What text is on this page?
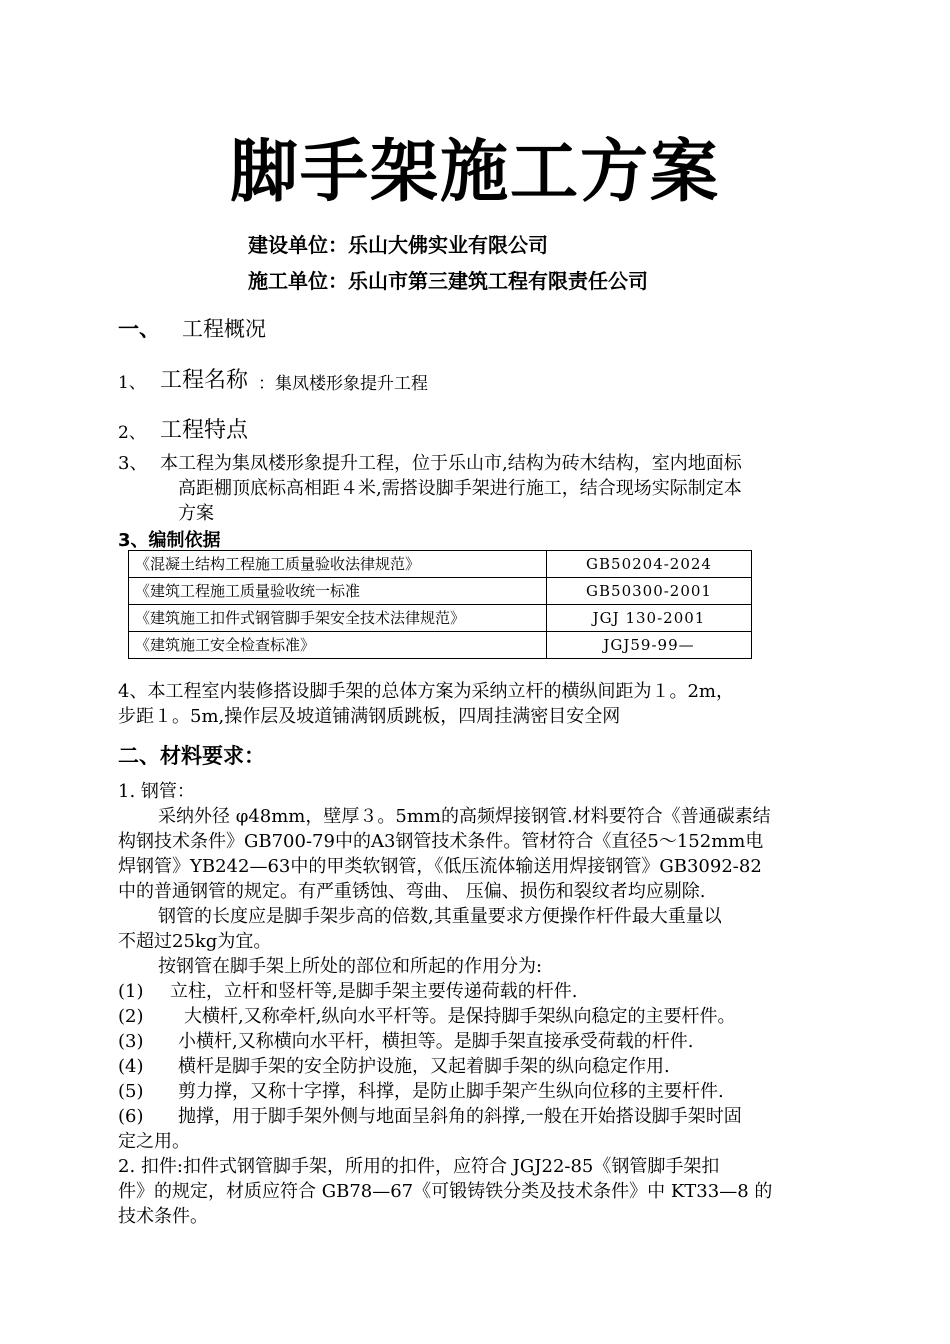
脚手架施工方案
建设单位：乐山大佛实业有限公司
施工单位：乐山市第三建筑工程有限责任公司
一、 工程概况
1、 工程名称 ：集凤楼形象提升工程
2、 工程特点
3、 本工程为集凤楼形象提升工程，位于乐山市,结构为砖木结构，室内地面标
高距棚顶底标高相距４米,需搭设脚手架进行施工，结合现场实际制定本
方案
3、编制依据
《混凝土结构工程施工质量验收法律规范》	GB50204-2024
《建筑工程施工质量验收统一标准	GB50300-2001
《建筑施工扣件式钢管脚手架安全技术法律规范》	JGJ 130-2001
《建筑施工安全检查标准》	JGJ59-99—
4、本工程室内装修搭设脚手架的总体方案为采纳立杆的横纵间距为１。2m，
步距１。5m,操作层及坡道铺满钢质跳板，四周挂满密目安全网
二、材料要求：
1. 钢管：
采纳外径 φ48mm，壁厚３。5mm的高频焊接钢管.材料要符合《普通碳素结
构钢技术条件》GB700-79中的A3钢管技术条件。管材符合《直径5～152mm电
焊钢管》YB242—63中的甲类软钢管，《低压流体输送用焊接钢管》GB3092-82
中的普通钢管的规定。有严重锈蚀、弯曲、 压偏、损伤和裂纹者均应剔除.
钢管的长度应是脚手架步高的倍数,其重量要求方便操作杆件最大重量以
不超过25kg为宜。
按钢管在脚手架上所处的部位和所起的作用分为:
(1) 立柱，立杆和竖杆等,是脚手架主要传递荷载的杆件.
(2) 大横杆,又称牵杆,纵向水平杆等。是保持脚手架纵向稳定的主要杆件。
(3) 小横杆,又称横向水平杆，横担等。是脚手架直接承受荷载的杆件.
(4) 横杆是脚手架的安全防护设施，又起着脚手架的纵向稳定作用.
(5) 剪力撑，又称十字撑，科撑，是防止脚手架产生纵向位移的主要杆件.
(6) 抛撑，用于脚手架外侧与地面呈斜角的斜撑,一般在开始搭设脚手架时固
定之用。
2. 扣件:扣件式钢管脚手架，所用的扣件，应符合 JGJ22-85《钢管脚手架扣
件》的规定，材质应符合 GB78—67《可锻铸铁分类及技术条件》中 KT33—8 的
技术条件。
